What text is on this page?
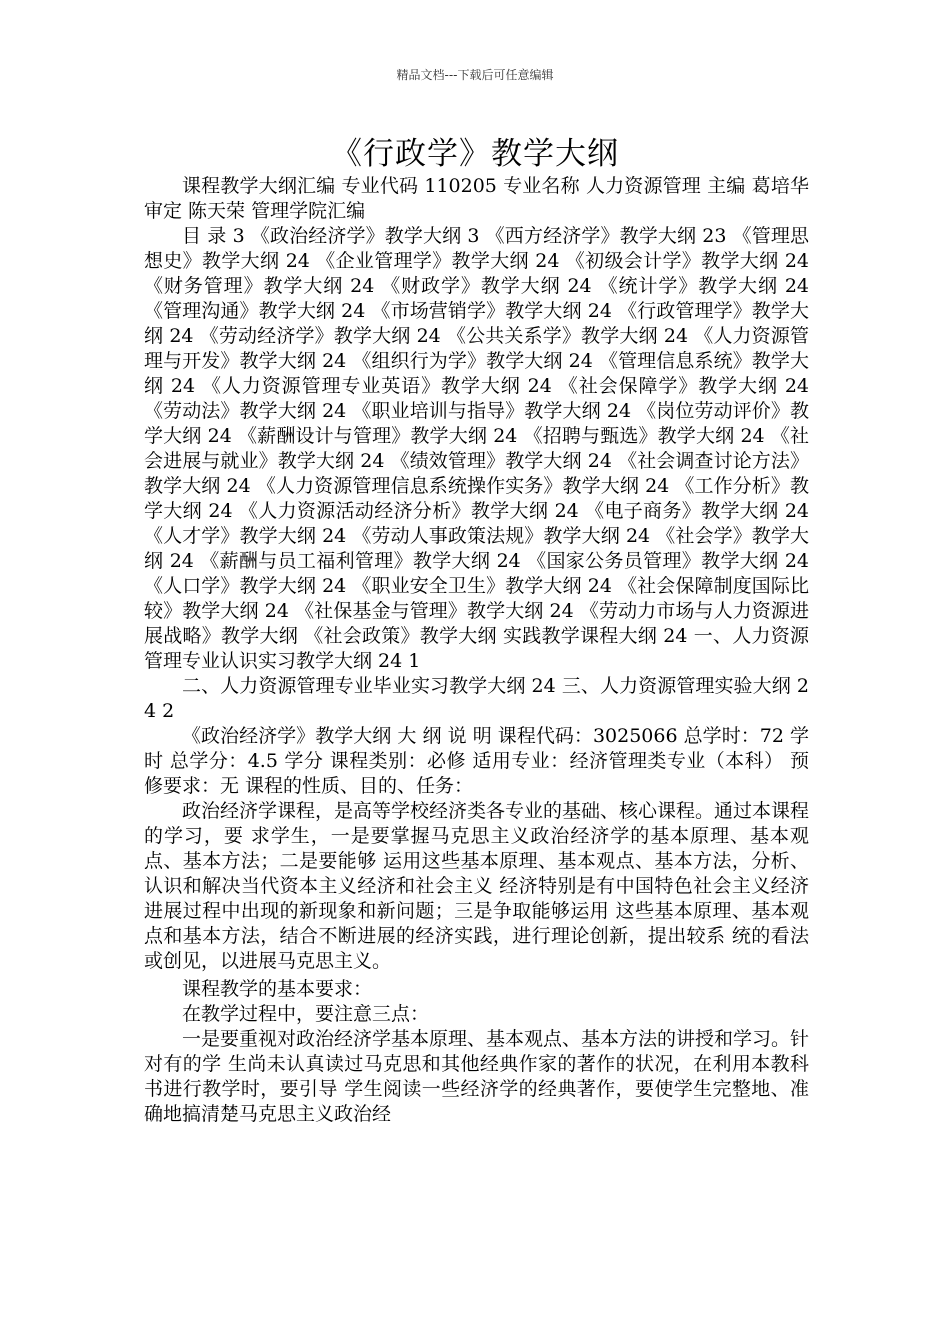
精品文档---下载后可任意编辑
《行政学》教学大纲

课程教学大纲汇编 专业代码 110205 专业名称 人力资源管理 主编 葛培华 审定 陈天荣 管理学院汇编

目 录 3 《政治经济学》教学大纲 3 《西方经济学》教学大纲 23 《管理思想史》教学大纲 24 《企业管理学》教学大纲 24 《初级会计学》教学大纲 24 《财务管理》教学大纲 24 《财政学》教学大纲 24 《统计学》教学大纲 24 《管理沟通》教学大纲 24 《市场营销学》教学大纲 24 《行政管理学》教学大纲 24 《劳动经济学》教学大纲 24 《公共关系学》教学大纲 24 《人力资源管理与开发》教学大纲 24 《组织行为学》教学大纲 24 《管理信息系统》教学大纲 24 《人力资源管理专业英语》教学大纲 24 《社会保障学》教学大纲 24 《劳动法》教学大纲 24 《职业培训与指导》教学大纲 24 《岗位劳动评价》教学大纲 24 《薪酬设计与管理》教学大纲 24 《招聘与甄选》教学大纲 24 《社会进展与就业》教学大纲 24 《绩效管理》教学大纲 24 《社会调查讨论方法》教学大纲 24 《人力资源管理信息系统操作实务》教学大纲 24 《工作分析》教学大纲 24 《人力资源活动经济分析》教学大纲 24 《电子商务》教学大纲 24 《人才学》教学大纲 24 《劳动人事政策法规》教学大纲 24 《社会学》教学大纲 24 《薪酬与员工福利管理》教学大纲 24 《国家公务员管理》教学大纲 24 《人口学》教学大纲 24 《职业安全卫生》教学大纲 24 《社会保障制度国际比较》教学大纲 24 《社保基金与管理》教学大纲 24 《劳动力市场与人力资源进展战略》教学大纲 《社会政策》教学大纲 实践教学课程大纲 24 一、人力资源管理专业认识实习教学大纲 24 1

二、人力资源管理专业毕业实习教学大纲 24 三、人力资源管理实验大纲 24 2

《政治经济学》教学大纲 大 纲 说 明 课程代码：3025066 总学时：72 学时 总学分：4.5 学分 课程类别：必修 适用专业：经济管理类专业（本科） 预修要求：无 课程的性质、目的、任务：

政治经济学课程，是高等学校经济类各专业的基础、核心课程。通过本课程的学习，要 求学生，一是要掌握马克思主义政治经济学的基本原理、基本观点、基本方法；二是要能够 运用这些基本原理、基本观点、基本方法，分析、认识和解决当代资本主义经济和社会主义 经济特别是有中国特色社会主义经济进展过程中出现的新现象和新问题；三是争取能够运用 这些基本原理、基本观点和基本方法，结合不断进展的经济实践，进行理论创新，提出较系 统的看法或创见，以进展马克思主义。

课程教学的基本要求：

在教学过程中，要注意三点：

一是要重视对政治经济学基本原理、基本观点、基本方法的讲授和学习。针对有的学 生尚未认真读过马克思和其他经典作家的著作的状况，在利用本教科书进行教学时，要引导 学生阅读一些经济学的经典著作，要使学生完整地、准确地搞清楚马克思主义政治经
